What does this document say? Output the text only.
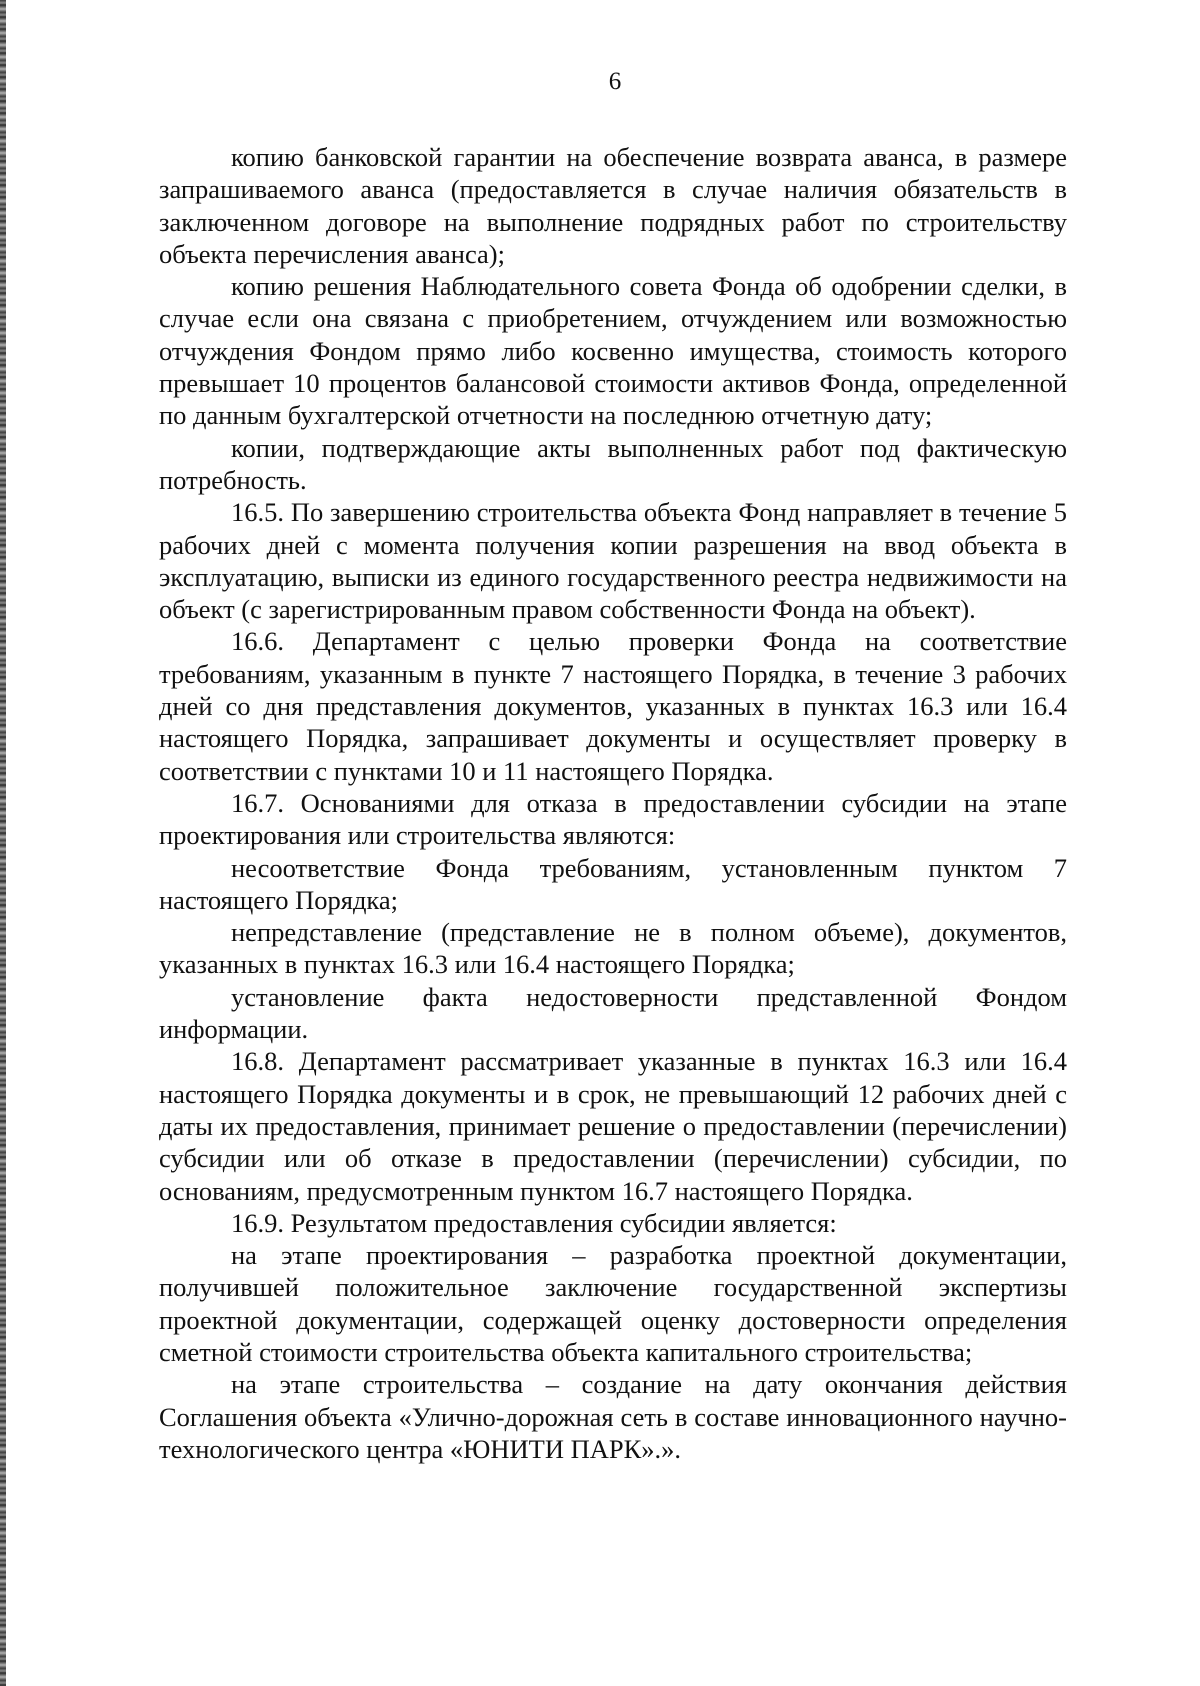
6

копию банковской гарантии на обеспечение возврата аванса, в размере запрашиваемого аванса (предоставляется в случае наличия обязательств в заключенном договоре на выполнение подрядных работ по строительству объекта перечисления аванса);

копию решения Наблюдательного совета Фонда об одобрении сделки, в случае если она связана с приобретением, отчуждением или возможностью отчуждения Фондом прямо либо косвенно имущества, стоимость которого превышает 10 процентов балансовой стоимости активов Фонда, определенной по данным бухгалтерской отчетности на последнюю отчетную дату;

копии, подтверждающие акты выполненных работ под фактическую потребность.

16.5. По завершению строительства объекта Фонд направляет в течение 5 рабочих дней с момента получения копии разрешения на ввод объекта в эксплуатацию, выписки из единого государственного реестра недвижимости на объект (с зарегистрированным правом собственности Фонда на объект).

16.6. Департамент с целью проверки Фонда на соответствие требованиям, указанным в пункте 7 настоящего Порядка, в течение 3 рабочих дней со дня представления документов, указанных в пунктах 16.3 или 16.4 настоящего Порядка, запрашивает документы и осуществляет проверку в соответствии с пунктами 10 и 11 настоящего Порядка.

16.7. Основаниями для отказа в предоставлении субсидии на этапе проектирования или строительства являются:

несоответствие Фонда требованиям, установленным пунктом 7 настоящего Порядка;

непредставление (представление не в полном объеме), документов, указанных в пунктах 16.3 или 16.4 настоящего Порядка;

установление факта недостоверности представленной Фондом информации.

16.8. Департамент рассматривает указанные в пунктах 16.3 или 16.4 настоящего Порядка документы и в срок, не превышающий 12 рабочих дней с даты их предоставления, принимает решение о предоставлении (перечислении) субсидии или об отказе в предоставлении (перечислении) субсидии, по основаниям, предусмотренным пунктом 16.7 настоящего Порядка.

16.9. Результатом предоставления субсидии является:

на этапе проектирования – разработка проектной документации, получившей положительное заключение государственной экспертизы проектной документации, содержащей оценку достоверности определения сметной стоимости строительства объекта капитального строительства;

на этапе строительства – создание на дату окончания действия Соглашения объекта «Улично-дорожная сеть в составе инновационного научно-технологического центра «ЮНИТИ ПАРК».».
